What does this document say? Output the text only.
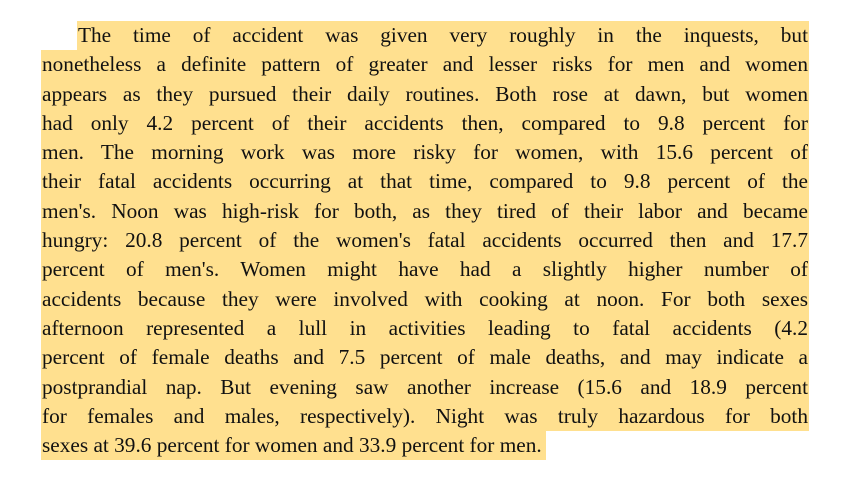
The time of accident was given very roughly in the inquests, but
nonetheless a definite pattern of greater and lesser risks for men and women
appears as they pursued their daily routines. Both rose at dawn, but women
had only 4.2 percent of their accidents then, compared to 9.8 percent for
men. The morning work was more risky for women, with 15.6 percent of
their fatal accidents occurring at that time, compared to 9.8 percent of the
men's. Noon was high-risk for both, as they tired of their labor and became
hungry: 20.8 percent of the women's fatal accidents occurred then and 17.7
percent of men's. Women might have had a slightly higher number of
accidents because they were involved with cooking at noon. For both sexes
afternoon represented a lull in activities leading to fatal accidents (4.2
percent of female deaths and 7.5 percent of male deaths, and may indicate a
postprandial nap. But evening saw another increase (15.6 and 18.9 percent
for females and males, respectively). Night was truly hazardous for both
sexes at 39.6 percent for women and 33.9 percent for men.
